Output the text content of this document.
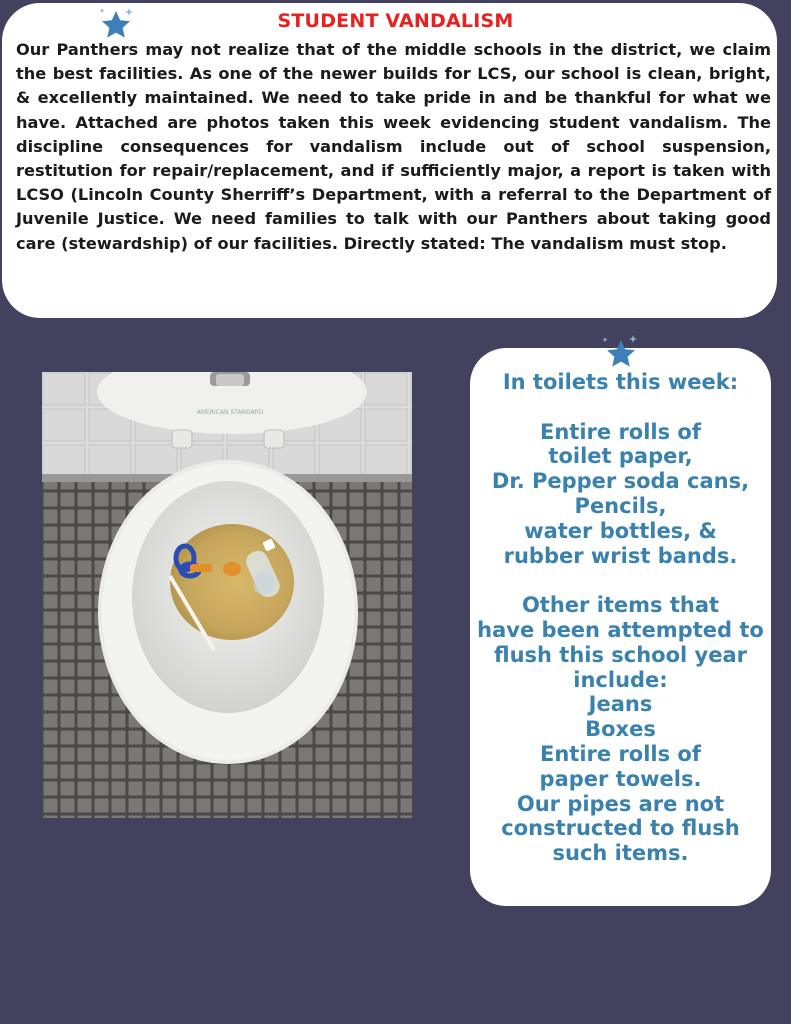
STUDENT VANDALISM

Our Panthers may not realize that of the middle schools in the district, we claim the best facilities. As one of the newer builds for LCS, our school is clean, bright, & excellently maintained. We need to take pride in and be thankful for what we have. Attached are photos taken this week evidencing student vandalism. The discipline consequences for vandalism include out of school suspension, restitution for repair/replacement, and if sufficiently major, a report is taken with LCSO (Lincoln County Sherriff’s Department, with a referral to the Department of Juvenile Justice. We need families to talk with our Panthers about taking good care (stewardship) of our facilities. Directly stated: The vandalism must stop.

AMERICAN STANDARD
In toilets this week:
Entire rolls of
toilet paper,
Dr. Pepper soda cans,
Pencils,
water bottles, &
rubber wrist bands.
Other items that
have been attempted to
flush this school year
include:
Jeans
Boxes
Entire rolls of
paper towels.
Our pipes are not
constructed to flush
such items.
